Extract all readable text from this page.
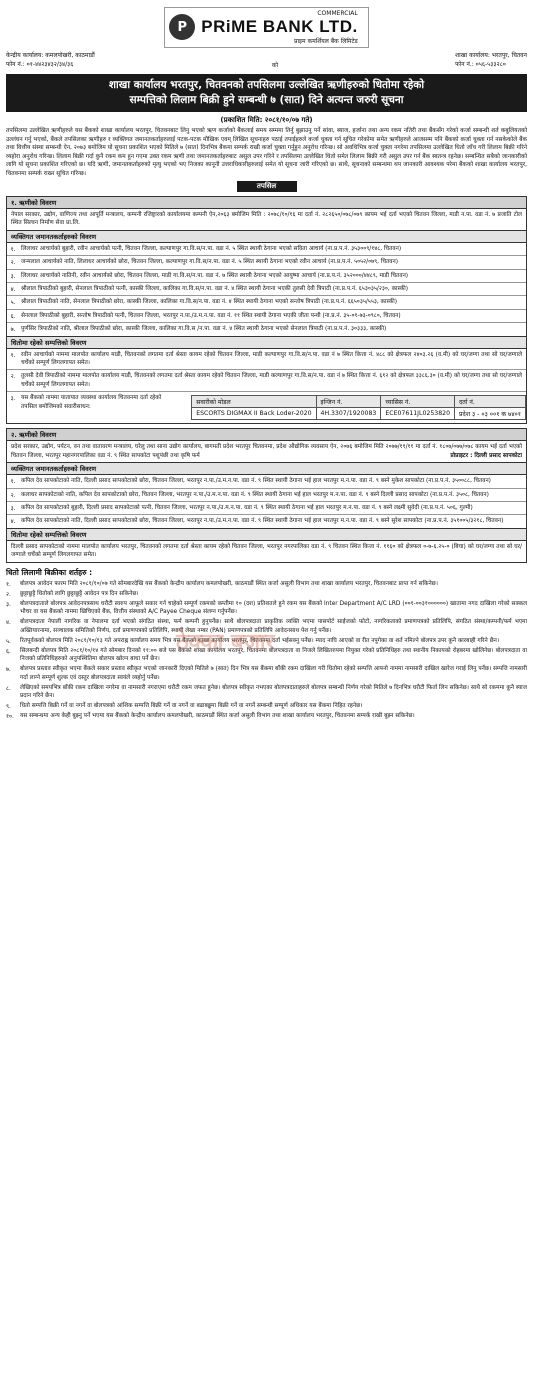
P
COMMERCIAL
PRiME BANK LTD.
प्राइम कमर्शियल बैंक लिमिटेड
केन्द्रीय कार्यालय: कमलपोखरी, काठमाडौं
फोन नं.: ०१-४४२३४३२/३४/३६	को
शाखा कार्यालय: भरतपुर, चितवन
फोन नं.: ०५६-५३३२८०
शाखा कार्यालय भरतपुर, चितवनको तपसिलमा उल्लेखित ऋणीहरुको धितोमा रहेको
सम्पत्तिको लिलाम बिक्री हुने सम्बन्धी ७ (सात) दिने अत्यन्त जरुरी सूचना
(प्रकाशित मिति: २०८१/१०/०७ गते)
तपसिलमा उल्लेखित ऋणीहरुले यस बैंकको शाखा कार्यालय भरतपुर, चितवनबाट लिनु भएको ऋण कर्जाको बैंकलाई समय सम्ममा तिर्नु बुझाउनु पर्ने सांवा, ब्याज, हर्जाना तथा अन्य रकम नतिरी तथा बैंकसँग गरेको कर्जा सम्बन्धी शर्त कबुलियतको उल्लंघन गर्नु भएको, बैंकले तपसिलका ऋणीहरु र व्यक्तिगत जमानतकर्ताहरुलाई पटक-पटक मौखिक एवम् लिखित सूचनाहरु पठाई तपाईहरुले कर्जा चुक्ता गर्न सूचित गरेकोमा समेत ऋणीहरुले आजसम्म पनि बैंकको कर्जा चुक्ता गर्न नसकेकोले बैंक तथा वित्तीय संस्था सम्बन्धी ऐन, २०७३ बमोजिम यो सूचना प्रकाशित भएको मितिले ७ (सात) दिनभित्र बैंकमा सम्पर्क राखी कर्जा चुक्ता गर्नुहुन अनुरोध गरिन्छ। सो अवधिभित्र कर्जा चुक्ता नगरेमा तपसिलमा उल्लेखित धितो जाँच गरी लिलाम बिक्री गरिने व्यहोरा अनुरोध गरिन्छ। लिलाम बिक्री गर्दा कुनै रकम कम हुन गएमा उक्त रकम ऋणी तथा जमानतकर्ताहरुबाट असुल उपर गरिने र तपसिलमा उल्लेखित धितो समेत लिलाम बिक्री गरी असुल उपर गर्न बैंक स्वतन्त्र रहनेछ। सम्बन्धित सबैको जानकारीको लागि यो सूचना प्रकाशित गरिएको छ। यदि ऋणी, जमानतकर्ताहरुको मृत्यु भएको भए निजका कानूनी उत्तराधिकारीहरुलाई समेत यो सूचना जारी गरिएको छ। साथै, सूचनाको सम्बन्धमा थप जानकारी आवश्यक परेमा बैंकको शाखा कार्यालय भरतपुर, चितवनमा सम्पर्क राख्न सूचित गरिन्छ।
तपसिल
१. ऋणीको विवरण
नेपाल सरकार, उद्योग, वाणिज्य तथा आपूर्ति मन्त्रालय, कम्पनी रजिष्ट्रारको कार्यालयमा कम्पनी ऐन,२०६३ बमोजिम मिति : २०७८/१०/१६ मा दर्ता नं. २८२६५०/०७८/०७९ कायम भई दर्ता भएको चितवन जिल्ला, माडी न.पा. वडा नं. ७ प्रजाति टोल स्थित सिल्वन निर्माण सेवा प्रा.लि.
व्यक्तिगत जमानतकर्ताहरुको विवरण
१. लिलाधर आचार्यको बुहारी, रवीन आचार्यको पत्नी, चितवन जिल्ला, कल्याणपुर गा.वि.स/न.पा. वडा नं. ५ स्थित स्थायी ठेगाना भएको सविता आचार्य (ना.प्र.प.नं. ३५३००९/१४८, चितवन)
२. जन्मलाल आचार्यको नाति, लिलाधर आचार्यको छोरा, चितवन जिल्ला, कल्याणपुर गा.वि.स/न.पा. वडा नं. ५ स्थित स्थायी ठेगाना भएको रवीन आचार्य (ना.प्र.प.नं. ५०५२/०७९, चितवन)
३. लिलाधर आचार्यको नातिनी, रवीन आचार्यको छोरा, चितवन जिल्ला, माडी गा.वि.स/न.पा. वडा नं. ७ स्थित स्थायी ठेगाना भएको आयुष्मा आचार्य (ना.प्र.प.नं. ३५२०००/४४८९, माडी चितवन)
४. श्रीलाल त्रिपाठीको बुहारी, सेनलाल त्रिपाठीको पत्नी, कास्की जिल्ला, कालिका गा.वि.स/न.पा. वडा नं. ४ स्थित स्थायी ठेगाना भएकी तुलसी देवी त्रिपाठी (ना.प्र.प.नं. ६५३०३५/२३०, कास्की)
५. श्रीलाल त्रिपाठीको नाति, सेनलाल त्रिपाठीको छोरा, कास्की जिल्ला, कालिका गा.वि.स/न.पा. वडा नं. ४ स्थित स्थायी ठेगाना भएको सन्तोष त्रिपाठी (ना.प्र.प.नं. ६६५०३५/५५३, कास्की)
६. सेनलाल त्रिपाठीको बुहारी, सन्तोष त्रिपाठीको पत्नी, चितवन जिल्ला, भरतपुर न.पा./उ.म.न.पा. वडा नं. ११ स्थित स्थायी ठेगाना भएकी जीता पन्थी (ना.प्र.नं. ३५-०१-७३-०९८०, चितवन)
७. पुर्णसिर त्रिपाठीको नाति, श्रीलाल त्रिपाठीको छोरा, कास्की जिल्ला, कालिका गा.वि.स /न.पा. वडा नं. ४ स्थित स्थायी ठेगाना भएको सेनलाल त्रिपाठी (ना.प्र.प.नं. ३०३३३, कास्की)
धितोमा रहेको सम्पत्तिको विवरण
१. रवीन आचार्यको नाममा मालपोत कार्यालय माडी, चितवनको लगतमा दर्ता श्रेस्ता कायम रहेको चितवन जिल्ला, माडी कल्याणपुर गा.वि.स/न.पा. वडा नं ७ स्थित कित्ता नं. ४८८ को क्षेत्रफल २४०३.२६ (व.मी) को घर/जग्गा तथा सो घर/जग्गाले चर्चेको सम्पूर्ण लिगलगापत समेत।
२. तुलसी देवी त्रिपाठीको नाममा मालपोत कार्यालय माडी, चितवनको लगतमा दर्ता श्रेस्ता कायम रहेको चितवन जिल्ला, माडी कल्याणपुर गा.वि.स/न.पा. वडा नं ७ स्थित कित्ता नं. ६१२ को क्षेत्रफल ३३८६.३० (व.मी) को घर/जग्गा तथा सो घर/जग्गाले चर्चेको सम्पूर्ण लिगलगापत समेत।
३. यस बैंकको नाममा यातायात व्यवस्था कार्यालय चितवनमा दर्ता रहेको तपसिल बमोजिमको सवारीसाधन:
सवारीको मोडल	इन्जिन नं.	च्यासिस नं.	दर्ता नं.
ESCORTS DIGMAX II Back Loder-2020	4H.3307/1920083	ECE07611JL0253820	प्रदेश ३ - ०३ ००१ क ७४०१
२. ऋणीको विवरण
प्रदेश सरकार, उद्योग, पर्यटन, वन तथा वातावरण मन्त्रालय, घरेलु तथा साना उद्योग कार्यालय, बागमती प्रदेश भरतपुर चितवनमा, प्रदेश औद्योगिक व्यवसाय ऐन, २०७६ बमोजिम मिति २०७७/११/११ मा दर्ता नं. १८०७/०७७/०७८ कायम भई दर्ता भएको चितवन जिल्ला, भरतपुर महानगरपालिका वडा नं. ९ स्थित सापकोटा पशुपंछी तथा कृषि फर्म	प्रोप्राइटर : दिल्ली प्रसाद सापकोटा
व्यक्तिगत जमानतकर्ताहरुको विवरण
१. कपिल देव सापकोटाको नाति, दिल्ली प्रसाद सापकोटाको छोरा, चितवन जिल्ला, भरतपुर न.पा./उ.म.न.पा. वडा नं. ९ स्थित स्थायी ठेगाना भई हाल भरतपुर म.न.पा. वडा नं. ९ बस्ने मुकेश सापकोटा (ना.प्र.प.नं. ३५००८८, चितवन)
२. कलाधर सापकोटाको नाति, कपिल देव सापकोटाको छोरा, चितवन जिल्ला, भरतपुर न.पा./उ.म.न.पा. वडा नं. ९ स्थित स्थायी ठेगाना भई हाल भरतपुर म.न.पा. वडा नं. ९ बस्ने दिल्ली प्रसाद सापकोटा (ना.प्र.प.नं. ३५०८, चितवन)
३. कपिल देव सापकोटाको बुहारी, दिल्ली प्रसाद सापकोटाको पत्नी, चितवन जिल्ला, भरतपुर न.पा./उ.म.न.पा. वडा नं. ९ स्थित स्थायी ठेगाना भई हाल भरतपुर म.न.पा. वडा नं. ९ बस्ने लक्ष्मी सुवेदी (ना.प्र.प.नं. ५०६, गुल्मी)
४. कपिल देव सापकोटाको नाति, दिल्ली प्रसाद सापकोटाको छोरा, चितवन जिल्ला, भरतपुर न.पा./उ.म.न.पा. वडा नं. ९ स्थित स्थायी ठेगाना भई हाल भरतपुर म.न.पा. वडा नं. ९ बस्ने सुरेश सापकोटा (ना.प्र.प.नं. ३५१००५/३२१८, चितवन)
धितोमा रहेको सम्पत्तिको विवरण
दिल्ली प्रसाद सापकोटाको नाममा मालपोत कार्यालय भरतपुर, चितवनको लगतमा दर्ता श्रेस्ता कायम रहेको चितवन जिल्ला, भरतपुर नगरपालिका वडा नं. ९ चितवन स्थित कित्ता नं. ११६० को क्षेत्रफल ०-७-६.२५-० (बिघा) को घर/जग्गा तथा सो घर/जग्गाले चर्चेको सम्पूर्ण लिगलगापत समेत।
धितो लिलामी बिक्रीका शर्तहरु :
१.	बोलपत्र आवेदन फारम मिति २०८१/१०/०७ गते सोमबारदेखि यस बैंकको केन्द्रीय कार्यालय कमलपोखरी, काठमाडौं स्थित कर्जा असुली विभाग तथा शाखा कार्यालय भरतपुर, चितवनबाट प्राप्त गर्न सकिनेछ।
२.	छुट्टाछुट्टै धितोको लागि छुट्टाछुट्टै आवेदन पत्र दिन सकिनेछ।
३.	बोलपत्रदाताले बोलपत्र आवेदनपत्रसाथ धरौटी स्वरुप आफूले सकार गर्न चाहेको सम्पूर्ण रकमको कम्तीमा १० (दश) प्रतिशतले हुने रकम यस बैंकको Inter Department A/C LRD (००१-००३१००००००) खातामा नगद दाखिला गरेको सक्कल भौचर वा यस बैंकको नाममा खिचिएको बैंक, वित्तीय संस्थाको A/C Payee Cheque संलग्न गर्नुपर्नेछ।
४.	बोलपत्रदाता नेपाली नागरिक वा नेपालमा दर्ता भएको संगठित संस्था, फर्म कम्पनी हुनुपर्नेछ। साथै बोलपत्रदाता प्राकृतिक व्यक्ति भएमा पासपोर्ट साईजको फोटो, नागरिकताको प्रमाणपत्रको प्रतिलिपि, संगठित संस्था/कम्पनी/फर्म भएमा अख्तियारनामा, सञ्चालक समितिको निर्णय, दर्ता प्रमाणपत्रको प्रतिलिपि, स्थायी लेखा नम्बर (PAN) प्रमाणपत्रको प्रतिलिपि आवेदनसाथ पेश गर्नु पर्नेछ।
५.	रितपूर्वकको बोलपत्र मिति २०८१/१०/१३ गते अपराह्न कार्यालय समय भित्र यस बैंकको शाखा कार्यालय भरतपुर, चितवनमा दर्ता भईसक्नु पर्नेछ। म्याद नाघि आएको वा रीत नपुगेका वा शर्त नमिल्ने बोलपत्र उपर कुनै कारबाही गरिने छैन।
६.	सिलबन्दी बोलपत्र मिति २०८१/१०/१४ गते सोमबार दिनको ११:०० बजे यस बैंकको शाखा कार्यालय भरतपुर, चितवनमा बोलपत्रदाता वा निजले लिखितरुपमा नियुक्त गरेको प्रतिनिधिहरु तथा स्थानीय निकायको रोहबरमा खोलिनेछ। बोलपत्रदाता वा निजको प्रतिनिधिहरुको अनुपस्थितिमा बोलपत्र खोल्न बाधा पर्ने छैन।
७.	बोलपत्र प्रस्ताव स्वीकृत भएमा बैंकले सकार प्रस्ताव स्वीकृत भएको जानकारी दिएको मितिले ७ (सात) दिन भित्र यस बैंकमा बाँकी रकम दाखिला गरी धितोमा रहेको सम्पत्ति आफ्नो नाममा नामसारी दाखिल खारेज गराई लिनु पर्नेछ। सम्पत्ति नामसारी गर्दा लाग्ने सम्पूर्ण शुल्क एवं दस्तुर बोलपत्रदाता स्वयंले व्यहोर्नु पर्नेछ।
८.	लेखिएको समयभित्र बाँकी रकम दाखिला नगरेमा वा नामसारी नगराएमा धरौटी रकम जफत हुनेछ। बोलपत्र स्वीकृत नभएका बोलपत्रदाताहरुले बोलपत्र सम्बन्धी निर्णय गरेको मितिले ७ दिनभित्र धरौटी फिर्ता लिन सकिनेछ। साथै सो रकममा कुनै ब्याज प्रदान गरिने छैन।
९.	धितो सम्पत्ति बिक्री गर्ने वा नगर्ने वा बोलपत्रको आंशिक सम्पत्ति बिक्री गर्ने वा नगर्ने वा बढाबढ्ढमा बिक्री गर्ने वा नगर्ने सम्बन्धी सम्पूर्ण अधिकार यस बैंकमा निहित रहनेछ।
१०.	यस सम्बन्धमा अन्य केही बुझ्नु पर्ने भएमा यस बैंकको केन्द्रीय कार्यालय कमलपोखरी, काठमाडौं स्थित कर्जा असुली विभाग तथा शाखा कार्यालय भरतपुर, चितवनमा सम्पर्क राखी बुझ्न सकिनेछ।
ठेक्का बजार
